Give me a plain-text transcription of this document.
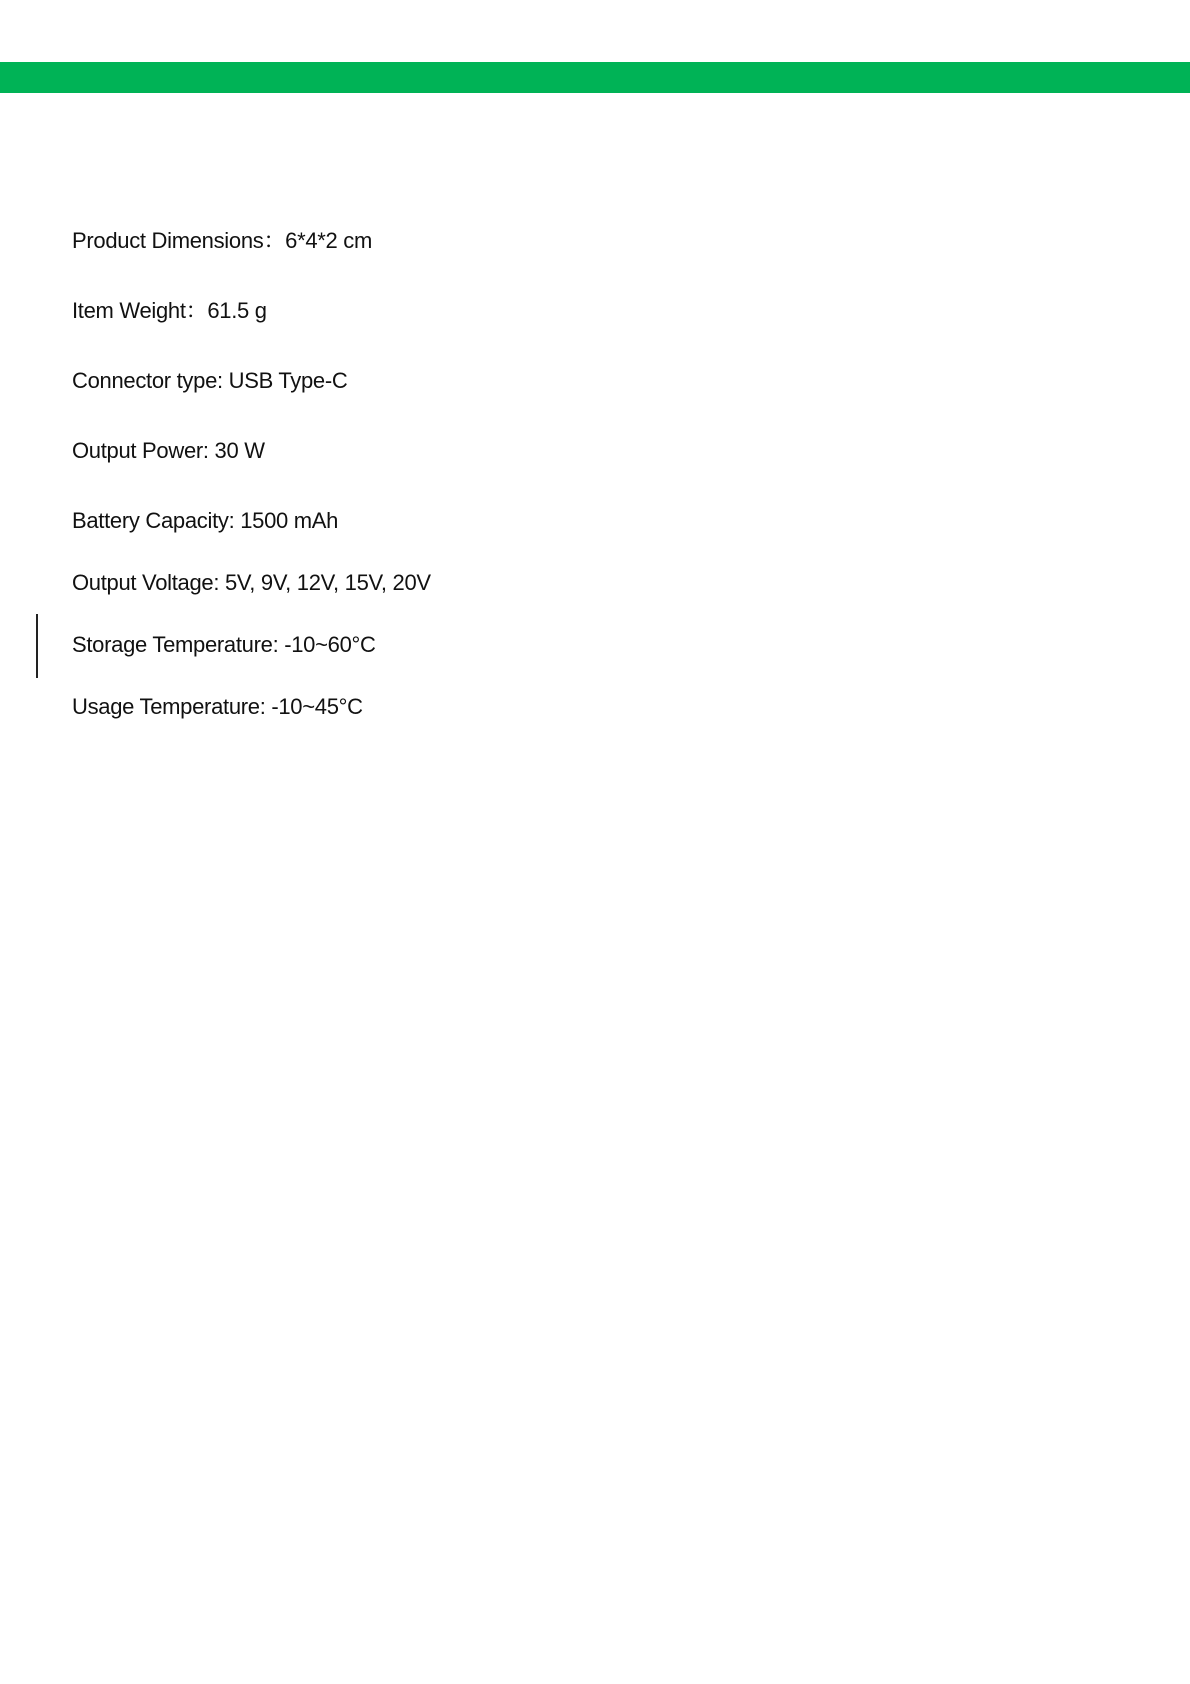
Product Dimensions：6*4*2 cm
Item Weight：61.5 g
Connector type: USB Type-C
Output Power: 30 W
Battery Capacity: 1500 mAh
Output Voltage: 5V, 9V, 12V, 15V, 20V
Storage Temperature: -10~60°C
Usage Temperature: -10~45°C
